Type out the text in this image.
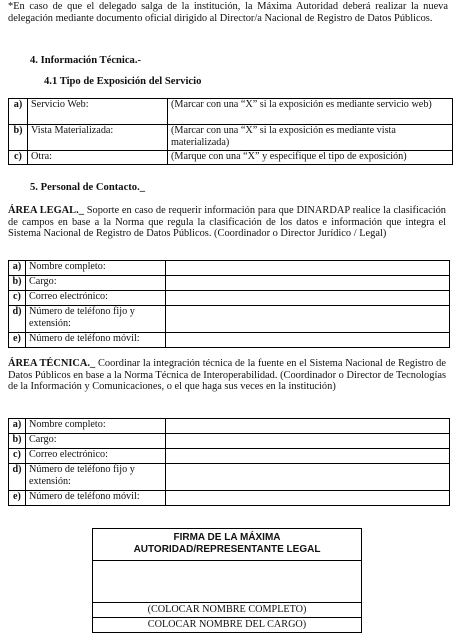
*En caso de que el delegado salga de la institución, la Máxima Autoridad deberá realizar la nueva delegación mediante documento oficial dirigido al Director/a Nacional de Registro de Datos Públicos.
4. Información Técnica.-
4.1 Tipo de Exposición del Servicio
a)	Servicio Web:	(Marcar con una “X” si la exposición es mediante servicio web)
b)	Vista Materializada:	(Marcar con una “X” si la exposición es mediante vista materializada)
c)	Otra:	(Marque con una “X” y especifique el tipo de exposición)
5. Personal de Contacto._
ÁREA LEGAL._ Soporte en caso de requerir información para que DINARDAP realice la clasificación de campos en base a la Norma que regula la clasificación de los datos e información que integra el Sistema Nacional de Registro de Datos Públicos. (Coordinador o Director Jurídico / Legal)
a)	Nombre completo:	
b)	Cargo:	
c)	Correo electrónico:	
d)	Número de teléfono fijo y extensión:	
e)	Número de teléfono móvil:	
ÁREA TÉCNICA._ Coordinar la integración técnica de la fuente en el Sistema Nacional de Registro de Datos Públicos en base a la Norma Técnica de Interoperabilidad. (Coordinador o Director de Tecnologías de la Información y Comunicaciones, o el que haga sus veces en la institución)
a)	Nombre completo:	
b)	Cargo:	
c)	Correo electrónico:	
d)	Número de teléfono fijo y extensión:	
e)	Número de teléfono móvil:	
FIRMA DE LA MÁXIMA
AUTORIDAD/REPRESENTANTE LEGAL
(COLOCAR NOMBRE COMPLETO)
COLOCAR NOMBRE DEL CARGO)
